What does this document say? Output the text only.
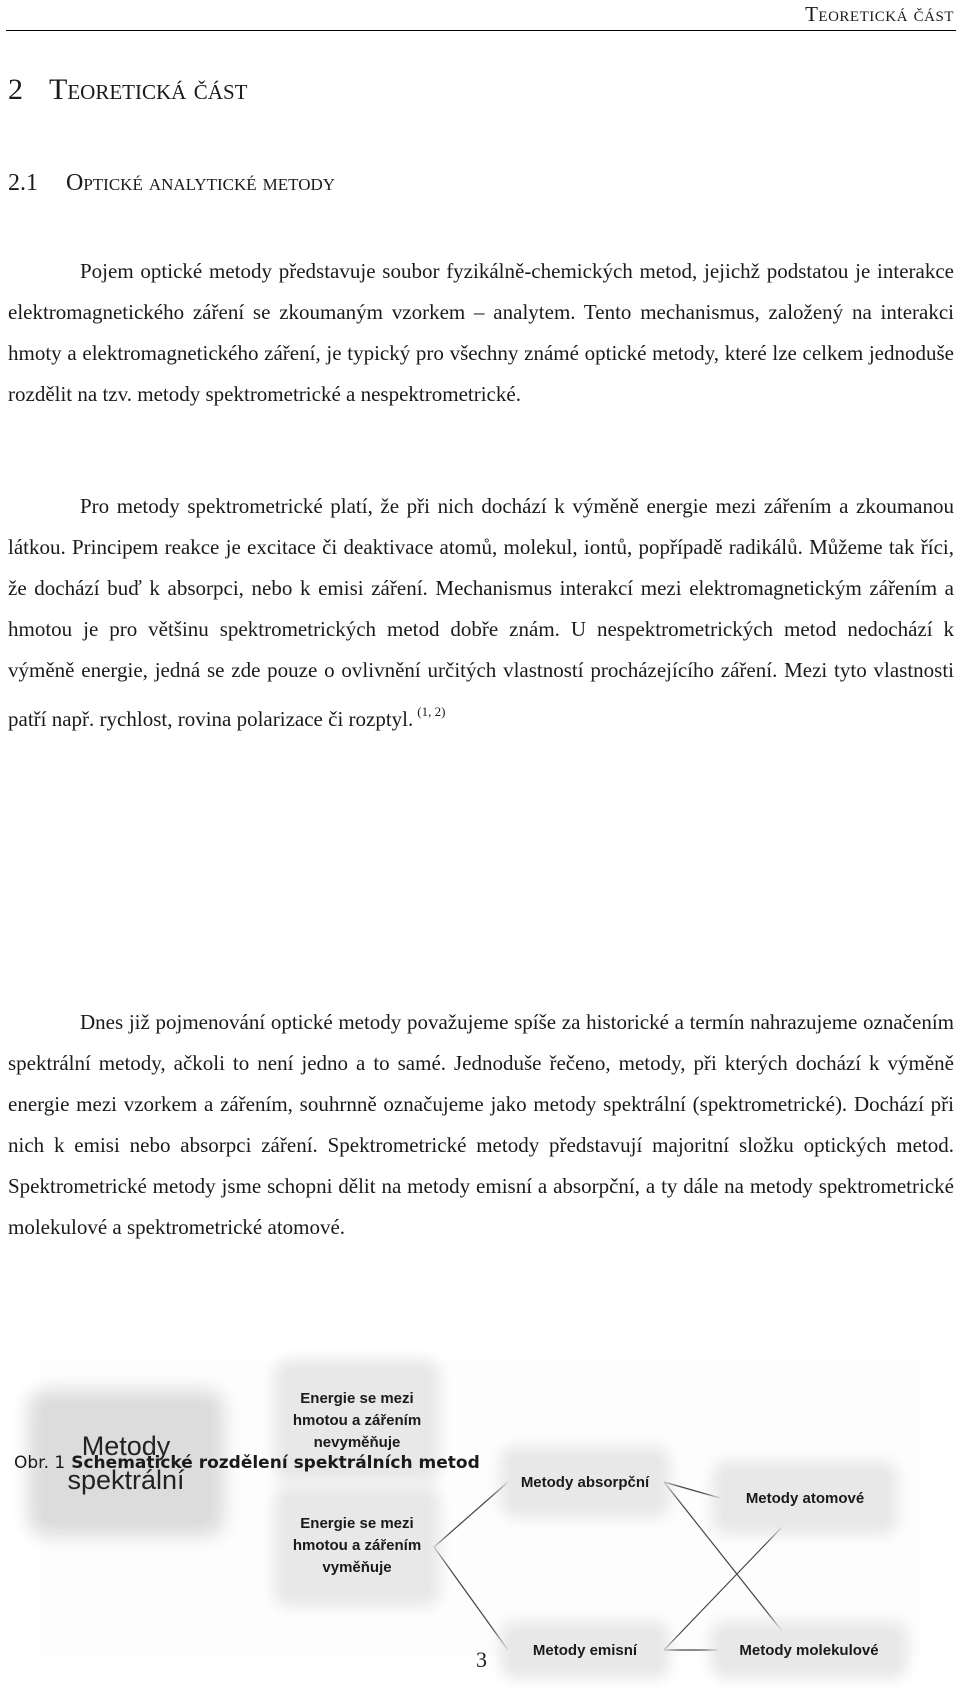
Teoretická část
2 Teoretická část
2.1 Optické analytické metody

Pojem optické metody představuje soubor fyzikálně-chemických metod, jejichž podstatou je interakce elektromagnetického záření se zkoumaným vzorkem – analytem. Tento mechanismus, založený na interakci hmoty a elektromagnetického záření, je typický pro všechny známé optické metody, které lze celkem jednoduše rozdělit na tzv. metody spektrometrické a nespektrometrické.

Pro metody spektrometrické platí, že při nich dochází k výměně energie mezi zářením a zkoumanou látkou. Principem reakce je excitace či deaktivace atomů, molekul, iontů, popřípadě radikálů. Můžeme tak říci, že dochází buď k absorpci, nebo k emisi záření. Mechanismus interakcí mezi elektromagnetickým zářením a hmotou je pro většinu spektrometrických metod dobře znám. U nespektrometrických metod nedochází k výměně energie, jedná se zde pouze o ovlivnění určitých vlastností procházejícího záření. Mezi tyto vlastnosti patří např. rychlost, rovina polarizace či rozptyl. $^{(1, 2)}$

Dnes již pojmenování optické metody považujeme spíše za historické a termín nahrazujeme označením spektrální metody, ačkoli to není jedno a to samé. Jednoduše řečeno, metody, při kterých dochází k výměně energie mezi vzorkem a zářením, souhrnně označujeme jako metody spektrální (spektrometrické). Dochází při nich k emisi nebo absorpci záření. Spektrometrické metody představují majoritní složku optických metod. Spektrometrické metody jsme schopni dělit na metody emisní a absorpční, a ty dále na metody spektrometrické molekulové a spektrometrické atomové.

Metody spektrální
Energie se mezi hmotou a zářením nevyměňuje
Energie se mezi hmotou a zářením vyměňuje
Metody absorpční
Metody atomové
Metody emisní	Metody molekulové
Obr. 1 Schematické rozdělení spektrálních metod
3
